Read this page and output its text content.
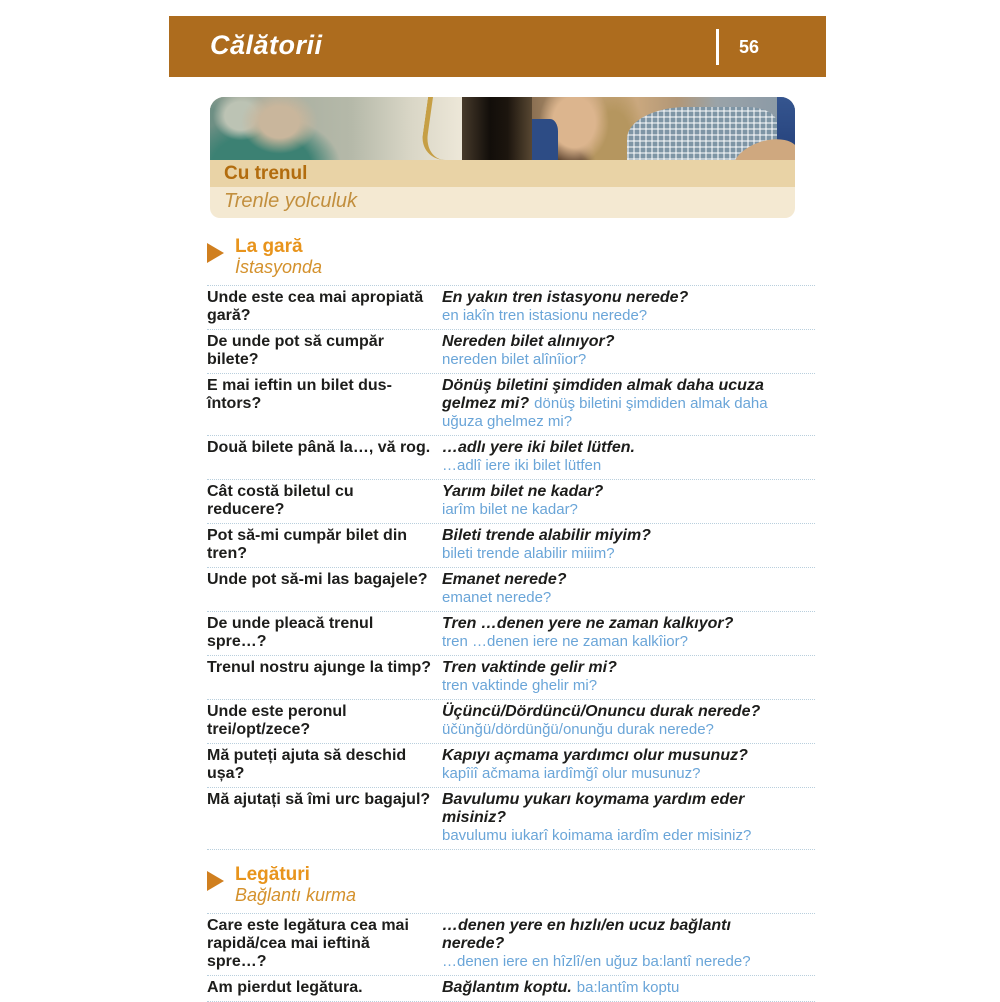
Călătorii	56
Cu trenul
Trenle yolculuk
La gară
İstasyonda
Unde este cea mai apropiată gară?
En yakın tren istasyonu nerede?
en iakîn tren istasionu nerede?
De unde pot să cumpăr bilete?
Nereden bilet alınıyor?
nereden bilet alînîior?
E mai ieftin un bilet dus-întors?
Dönüş biletini şimdiden almak daha ucuza gelmez mi? dönüş biletini şimdiden almak daha uğuza ghelmez mi?
Două bilete până la…, vă rog. …adlı yere iki bilet lütfen.
…adlî iere iki bilet lütfen
Cât costă biletul cu reducere?
Yarım bilet ne kadar?
iarîm bilet ne kadar?
Pot să-mi cumpăr bilet din tren?
Bileti trende alabilir miyim?
bileti trende alabilir miiim?
Unde pot să-mi las bagajele? Emanet nerede?
emanet nerede?
De unde pleacă trenul spre…?
Tren …denen yere ne zaman kalkıyor?
tren …denen iere ne zaman kalkîior?
Trenul nostru ajunge la timp? Tren vaktinde gelir mi?
tren vaktinde ghelir mi?
Unde este peronul trei/opt/zece?
Üçüncü/Dördüncü/Onuncu durak nerede?
üčünğü/dördünğü/onunğu durak nerede?
Mă puteți ajuta să deschid ușa?
Kapıyı açmama yardımcı olur musunuz?
kapîiî ačmama iardîmğî olur musunuz?
Mă ajutați să îmi urc bagajul? Bavulumu yukarı koymama yardım eder misiniz?
bavulumu iukarî koimama iardîm eder misiniz?
Legături
Bağlantı kurma
Care este legătura cea mai rapidă/cea mai ieftină spre…?
…denen yere en hızlı/en ucuz bağlantı nerede?
…denen iere en hîzlî/en uğuz ba:lantî nerede?
Am pierdut legătura.	Bağlantım koptu. ba:lantîm koptu
